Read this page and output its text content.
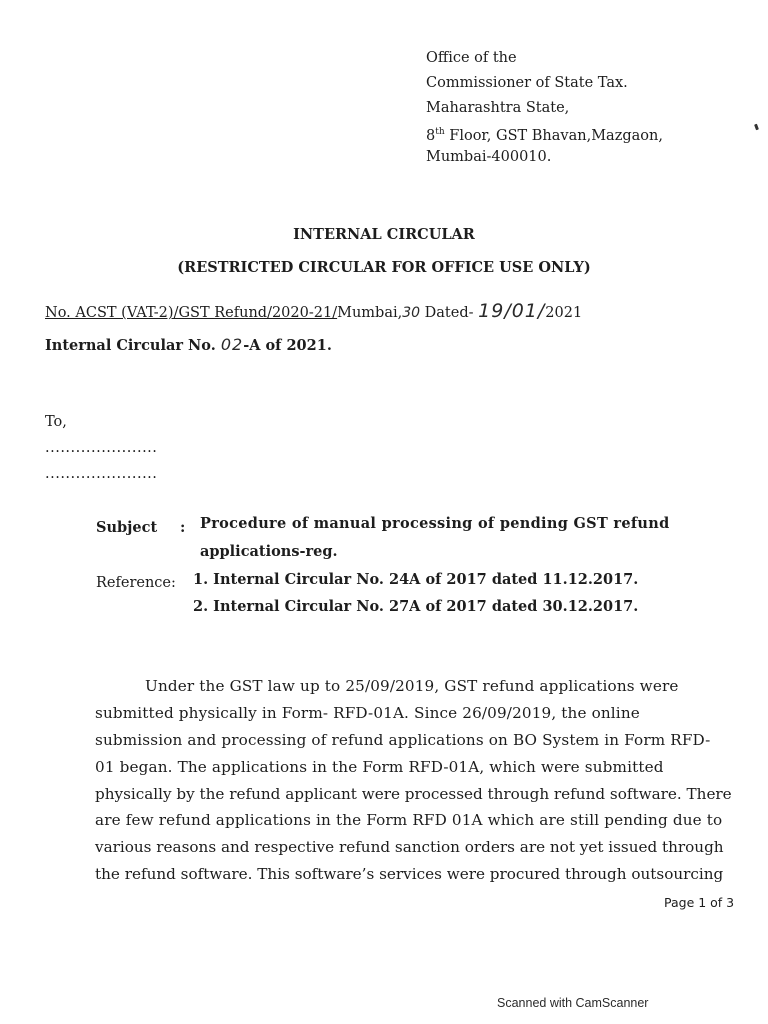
Office of the
Commissioner of State Tax.
Maharashtra State,
8th Floor, GST Bhavan,Mazgaon,
Mumbai-400010.
INTERNAL CIRCULAR
(RESTRICTED CIRCULAR FOR OFFICE USE ONLY)
No. ACST (VAT-2)/GST Refund/2020-21/Mumbai,30 Dated- 19/01/2021
Internal Circular No. 02-A of 2021.
To,
......................
......................
Subject : Procedure of manual processing of pending GST refund
applications-reg.
Reference: 1. Internal Circular No. 24A of 2017 dated 11.12.2017.
2. Internal Circular No. 27A of 2017 dated 30.12.2017.
Under the GST law up to 25/09/2019, GST refund applications were
submitted physically in Form- RFD-01A. Since 26/09/2019, the online
submission and processing of refund applications on BO System in Form RFD-
01 began. The applications in the Form RFD-01A, which were submitted
physically by the refund applicant were processed through refund software. There
are few refund applications in the Form RFD 01A which are still pending due to
various reasons and respective refund sanction orders are not yet issued through
the refund software. This software’s services were procured through outsourcing
Page 1 of 3
Scanned with CamScanner
